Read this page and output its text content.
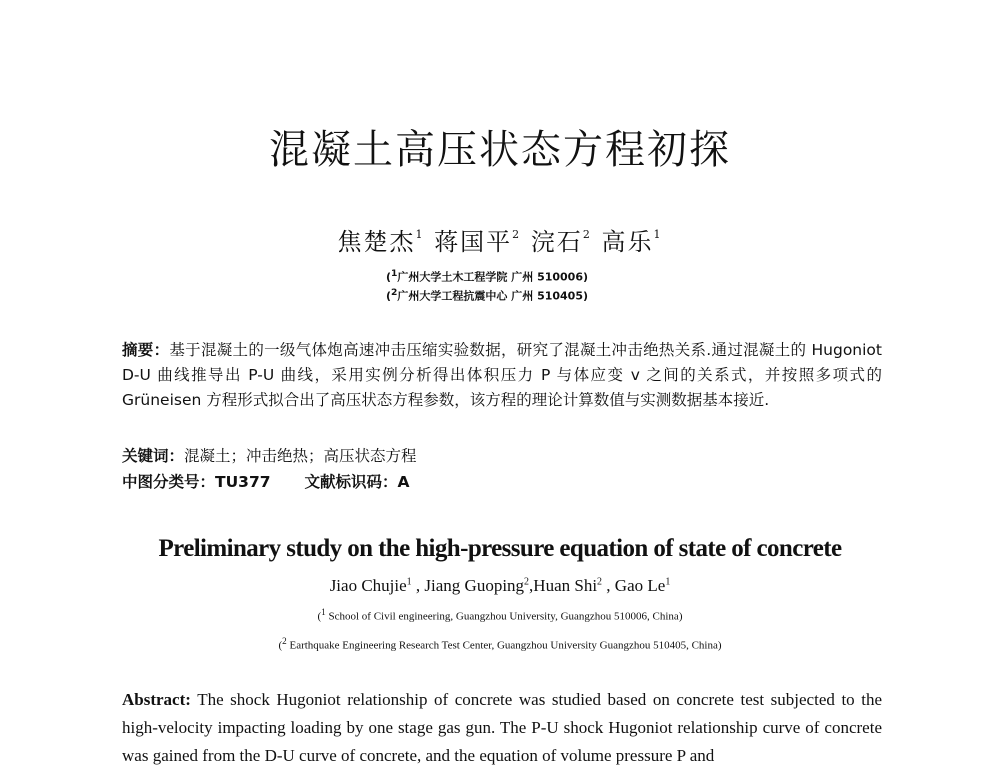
混凝土高压状态方程初探
焦楚杰$^1$ 蒋国平$^2$ 浣石$^2$ 高乐$^1$
($^1$广州大学土木工程学院 广州 510006)
($^2$广州大学工程抗震中心 广州 510405)
摘要：基于混凝土的一级气体炮高速冲击压缩实验数据，研究了混凝土冲击绝热关系.通过混凝土的 Hugoniot D-U 曲线推导出 P-U 曲线，采用实例分析得出体积压力 P 与体应变 v 之间的关系式，并按照多项式的 Grüneisen 方程形式拟合出了高压状态方程参数，该方程的理论计算数值与实测数据基本接近.
关键词：混凝土；冲击绝热；高压状态方程
中图分类号：TU377 文献标识码：A
Preliminary study on the high-pressure equation of state of concrete
Jiao Chujie$^1$ , Jiang Guoping$^2$,Huan Shi$^2$ , Gao Le$^1$
($^1$ School of Civil engineering, Guangzhou University, Guangzhou 510006, China)
($^2$ Earthquake Engineering Research Test Center, Guangzhou University Guangzhou 510405, China)
Abstract: The shock Hugoniot relationship of concrete was studied based on concrete test subjected to the high-velocity impacting loading by one stage gas gun. The P-U shock Hugoniot relationship curve of concrete was gained from the D-U curve of concrete, and the equation of volume pressure P and
